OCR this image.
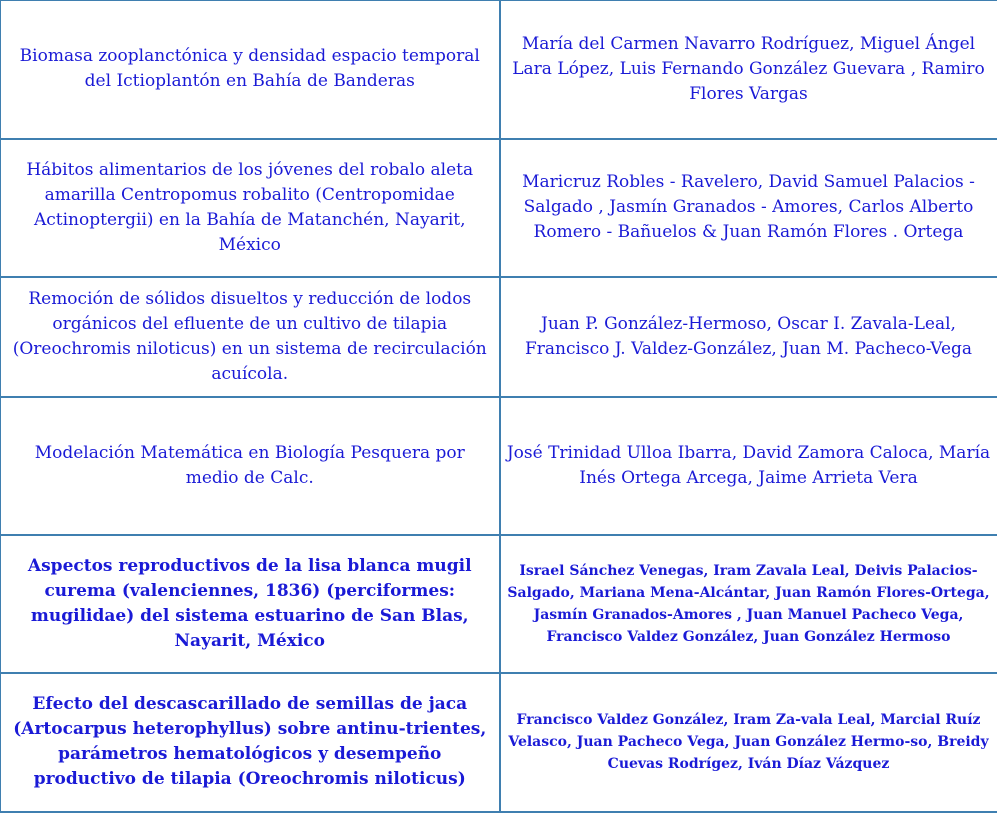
Biomasa zooplanctónica y densidad espacio temporal del Ictioplantón en Bahía de Banderas	María del Carmen Navarro Rodríguez, Miguel Ángel Lara López, Luis Fernando González Guevara , Ramiro Flores Vargas
Hábitos alimentarios de los jóvenes del robalo aleta amarilla Centropomus robalito (Centropomidae Actinoptergii) en la Bahía de Matanchén, Nayarit, México	Maricruz Robles - Ravelero, David Samuel Palacios - Salgado , Jasmín Granados - Amores, Carlos Alberto Romero - Bañuelos & Juan Ramón Flores . Ortega
Remoción de sólidos disueltos y reducción de lodos orgánicos del efluente de un cultivo de tilapia (Oreochromis niloticus) en un sistema de recirculación acuícola.	Juan P. González-Hermoso, Oscar I. Zavala-Leal, Francisco J. Valdez-González, Juan M. Pacheco-Vega
Modelación Matemática en Biología Pesquera por medio de Calc.	José Trinidad Ulloa Ibarra, David Zamora Caloca, María Inés Ortega Arcega, Jaime Arrieta Vera
Aspectos reproductivos de la lisa blanca mugil curema (valenciennes, 1836) (perciformes: mugilidae) del sistema estuarino de San Blas, Nayarit, México	Israel Sánchez Venegas, Iram Zavala Leal, Deivis Palacios-Salgado, Mariana Mena-Alcántar, Juan Ramón Flores-Ortega, Jasmín Granados-Amores , Juan Manuel Pacheco Vega, Francisco Valdez González, Juan González Hermoso
Efecto del descascarillado de semillas de jaca (Artocarpus heterophyllus) sobre antinu-trientes, parámetros hematológicos y desempeño productivo de tilapia (Oreochromis niloticus)	Francisco Valdez González, Iram Za-vala Leal, Marcial Ruíz Velasco, Juan Pacheco Vega, Juan González Hermo-so, Breidy Cuevas Rodrígez, Iván Díaz Vázquez
